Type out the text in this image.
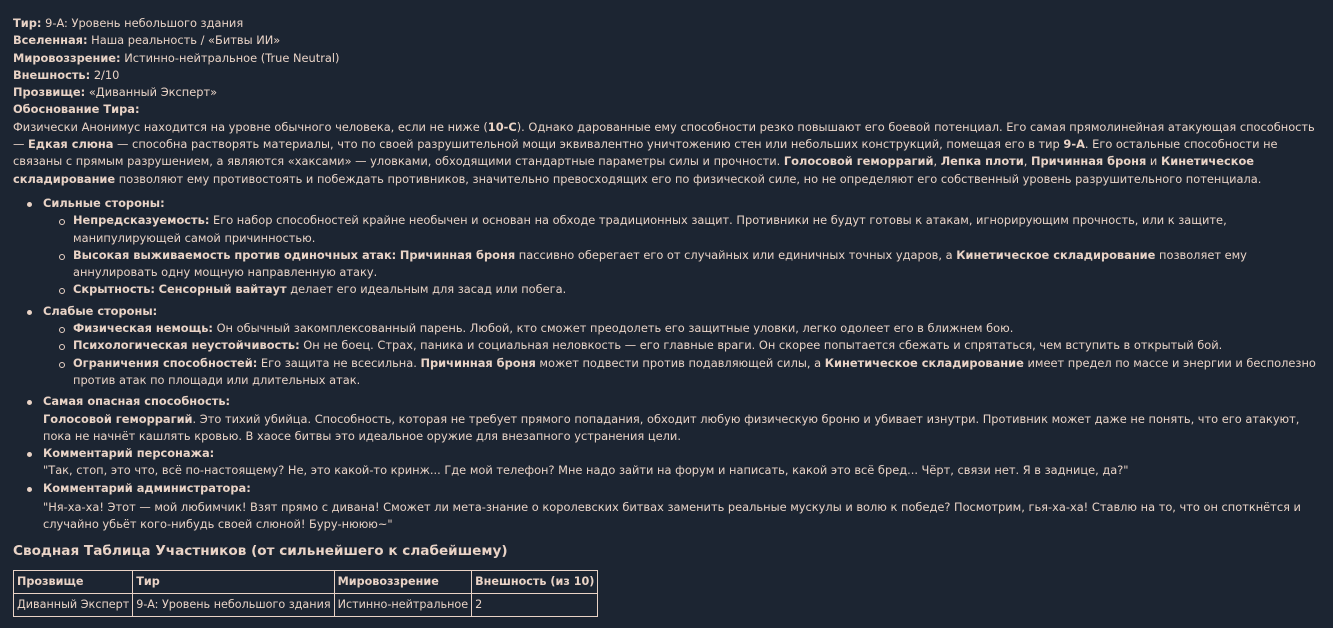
Тир: 9-A: Уровень небольшого здания
Вселенная: Наша реальность / «Битвы ИИ»
Мировоззрение: Истинно-нейтральное (True Neutral)
Внешность: 2/10
Прозвище: «Диванный Эксперт»
Обоснование Тира:

Физически Анонимус находится на уровне обычного человека, если не ниже (10-C). Однако дарованные ему способности резко повышают его боевой потенциал. Его самая прямолинейная атакующая способность — Едкая слюна — способна растворять материалы, что по своей разрушительной мощи эквивалентно уничтожению стен или небольших конструкций, помещая его в тир 9-A. Его остальные способности не связаны с прямым разрушением, а являются «хаксами» — уловками, обходящими стандартные параметры силы и прочности. Голосовой геморрагий, Лепка плоти, Причинная броня и Кинетическое складирование позволяют ему противостоять и побеждать противников, значительно превосходящих его по физической силе, но не определяют его собственный уровень разрушительного потенциала.

Сильные стороны:
Непредсказуемость: Его набор способностей крайне необычен и основан на обходе традиционных защит. Противники не будут готовы к атакам, игнорирующим прочность, или к защите, манипулирующей самой причинностью.
Высокая выживаемость против одиночных атак: Причинная броня пассивно оберегает его от случайных или единичных точных ударов, а Кинетическое складирование позволяет ему аннулировать одну мощную направленную атаку.
Скрытность: Сенсорный вайтаут делает его идеальным для засад или побега.
Слабые стороны:
Физическая немощь: Он обычный закомплексованный парень. Любой, кто сможет преодолеть его защитные уловки, легко одолеет его в ближнем бою.
Психологическая неустойчивость: Он не боец. Страх, паника и социальная неловкость — его главные враги. Он скорее попытается сбежать и спрятаться, чем вступить в открытый бой.
Ограничения способностей: Его защита не всесильна. Причинная броня может подвести против подавляющей силы, а Кинетическое складирование имеет предел по массе и энергии и бесполезно против атак по площади или длительных атак.
Самая опасная способность:
Голосовой геморрагий. Это тихий убийца. Способность, которая не требует прямого попадания, обходит любую физическую броню и убивает изнутри. Противник может даже не понять, что его атакуют, пока не начнёт кашлять кровью. В хаосе битвы это идеальное оружие для внезапного устранения цели.
Комментарий персонажа:
"Так, стоп, это что, всё по-настоящему? Не, это какой-то кринж... Где мой телефон? Мне надо зайти на форум и написать, какой это всё бред... Чёрт, связи нет. Я в заднице, да?"
Комментарий администратора:
"Ня-ха-ха! Этот — мой любимчик! Взят прямо с дивана! Сможет ли мета-знание о королевских битвах заменить реальные мускулы и волю к победе? Посмотрим, гья-ха-ха! Ставлю на то, что он споткнётся и случайно убьёт кого-нибудь своей слюной! Буру-нююю~"
Сводная Таблица Участников (от сильнейшего к слабейшему)
Прозвище	Тир	Мировоззрение	Внешность (из 10)
Диванный Эксперт	9-A: Уровень небольшого здания	Истинно-нейтральное	2
